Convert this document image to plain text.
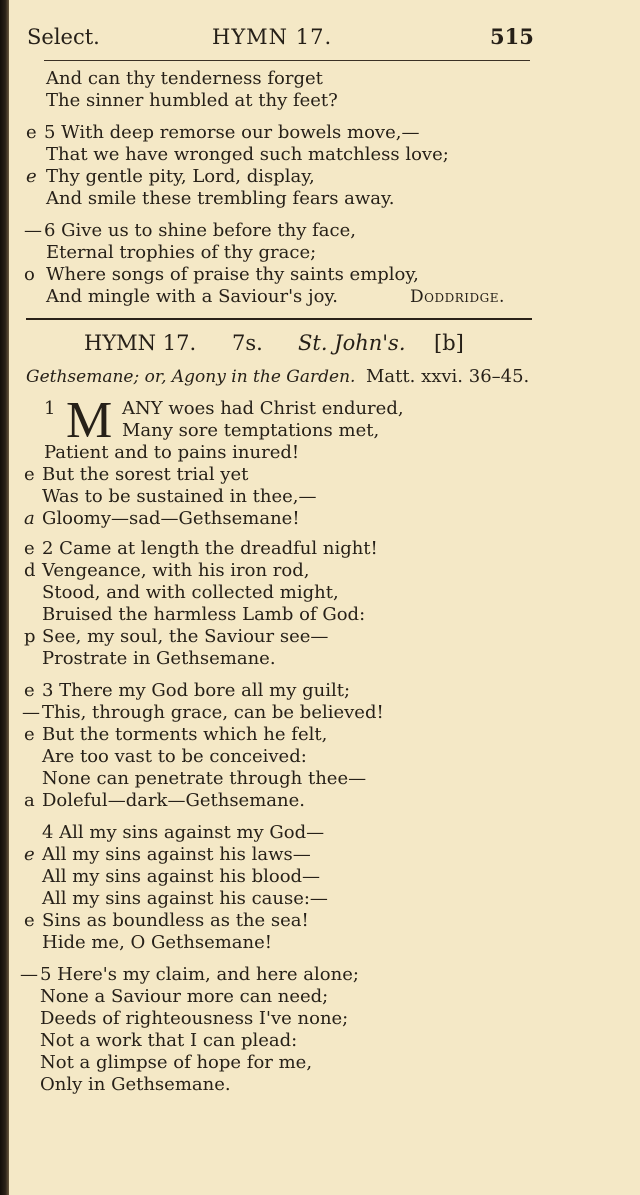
Select.	HYMN 17.	515
And can thy tenderness forget
The sinner humbled at thy feet?
e 5 With deep remorse our bowels move,—
That we have wronged such matchless love;
e Thy gentle pity, Lord, display,
And smile these trembling fears away.
— 6 Give us to shine before thy face,
Eternal trophies of thy grace;
o Where songs of praise thy saints employ,
And mingle with a Saviour's joy.	Doddridge.
HYMN 17. 7s. St. John's. [b]
Gethsemane; or, Agony in the Garden. Matt. xxvi. 36–45.
1 M ANY woes had Christ endured,
Many sore temptations met,
Patient and to pains inured!
e But the sorest trial yet
Was to be sustained in thee,—
a Gloomy—sad—Gethsemane!
e 2 Came at length the dreadful night!
d Vengeance, with his iron rod,
Stood, and with collected might,
Bruised the harmless Lamb of God:
p See, my soul, the Saviour see—
Prostrate in Gethsemane.
e 3 There my God bore all my guilt;
— This, through grace, can be believed!
e But the torments which he felt,
Are too vast to be conceived:
None can penetrate through thee—
a Doleful—dark—Gethsemane.
4 All my sins against my God—
e All my sins against his laws—
All my sins against his blood—
All my sins against his cause:—
e Sins as boundless as the sea!
Hide me, O Gethsemane!
— 5 Here's my claim, and here alone;
None a Saviour more can need;
Deeds of righteousness I've none;
Not a work that I can plead:
Not a glimpse of hope for me,
Only in Gethsemane.
